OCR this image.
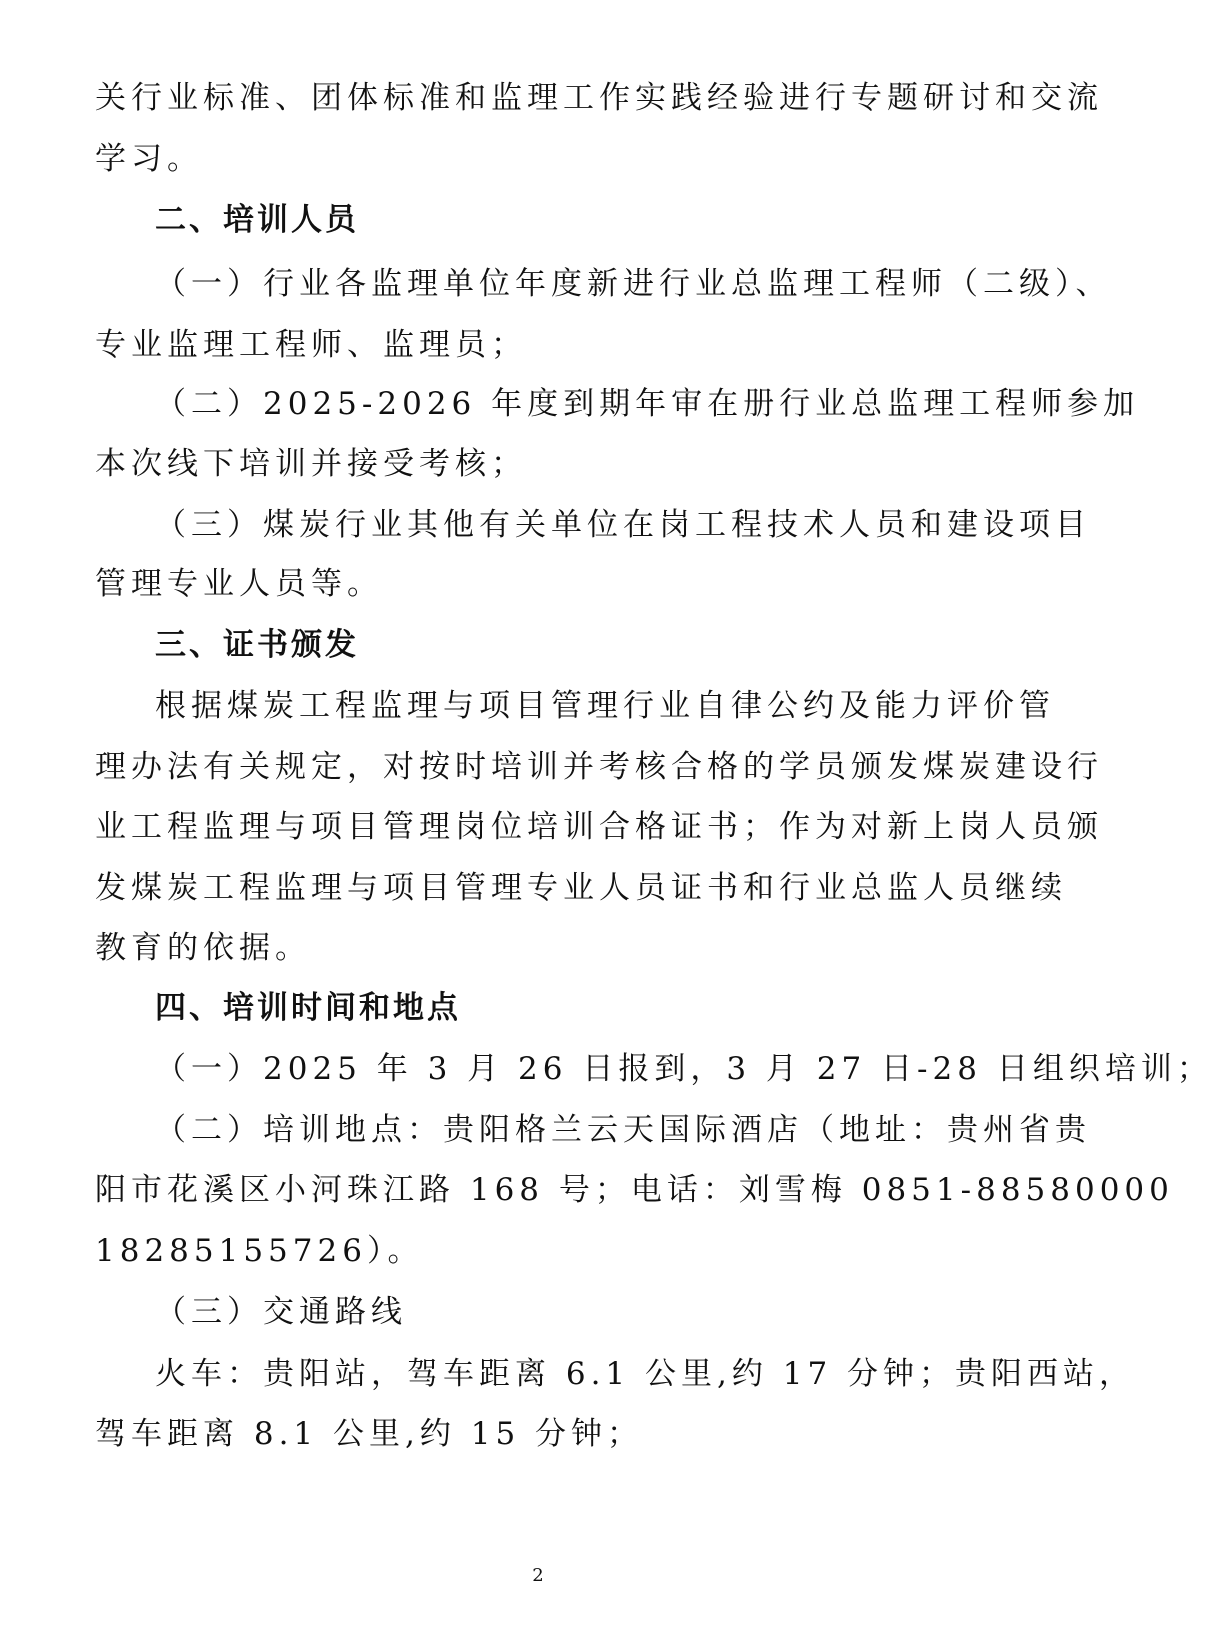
关行业标准、团体标准和监理工作实践经验进行专题研讨和交流
学习。
二、培训人员
（一）行业各监理单位年度新进行业总监理工程师（二级）、
专业监理工程师、监理员；
（二）2025-2026 年度到期年审在册行业总监理工程师参加
本次线下培训并接受考核；
（三）煤炭行业其他有关单位在岗工程技术人员和建设项目
管理专业人员等。
三、证书颁发
根据煤炭工程监理与项目管理行业自律公约及能力评价管
理办法有关规定，对按时培训并考核合格的学员颁发煤炭建设行
业工程监理与项目管理岗位培训合格证书；作为对新上岗人员颁
发煤炭工程监理与项目管理专业人员证书和行业总监人员继续
教育的依据。
四、培训时间和地点
（一）2025 年 3 月 26 日报到，3 月 27 日-28 日组织培训；
（二）培训地点：贵阳格兰云天国际酒店（地址：贵州省贵
阳市花溪区小河珠江路 168 号；电话：刘雪梅 0851-88580000
18285155726）。
（三）交通路线
火车：贵阳站，驾车距离 6.1 公里,约 17 分钟；贵阳西站，
驾车距离 8.1 公里,约 15 分钟；
2
